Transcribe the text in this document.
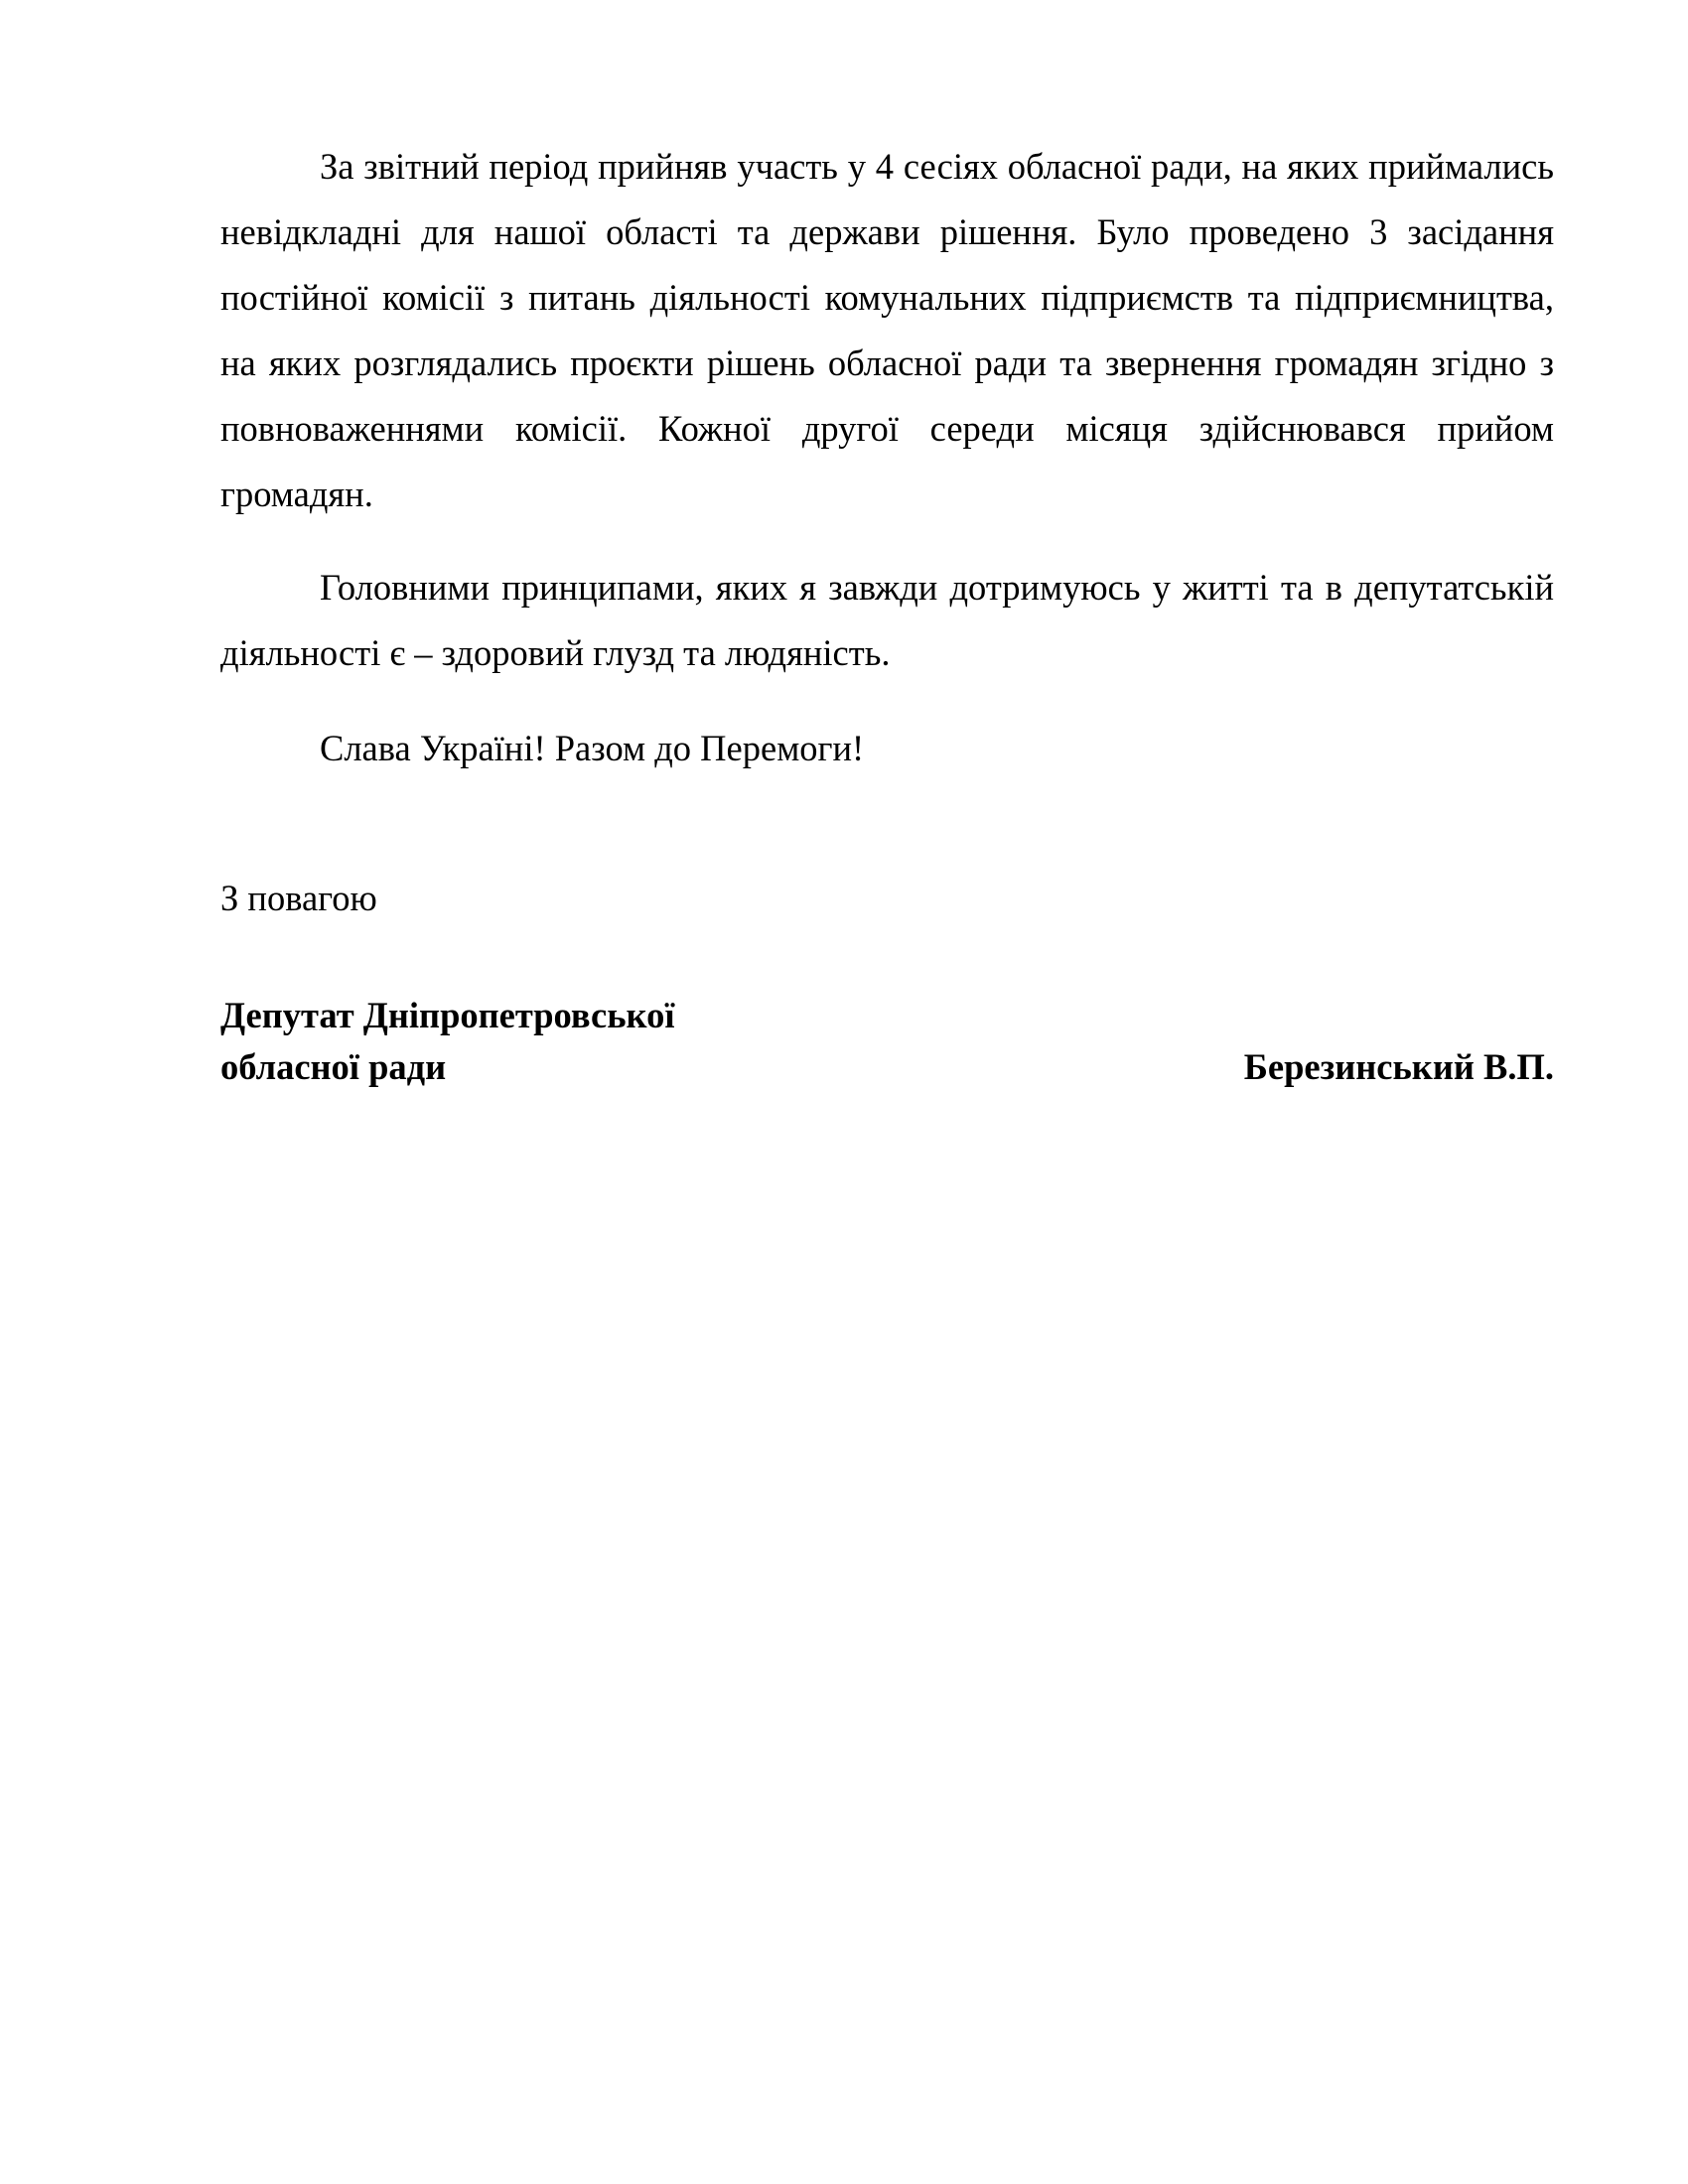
За звітний період прийняв участь у 4 сесіях обласної ради, на яких приймались невідкладні для нашої області та держави рішення. Було проведено 3 засідання постійної комісії з питань діяльності комунальних підприємств та підприємництва, на яких розглядались проєкти рішень обласної ради та звернення громадян згідно з повноваженнями комісії. Кожної другої середи місяця здійснювався прийом громадян.

Головними принципами, яких я завжди дотримуюсь у житті та в депутатській діяльності є – здоровий глузд та людяність.

Слава Україні! Разом до Перемоги!

З повагою

Депутат Дніпропетровської
обласної ради	Березинський В.П.
